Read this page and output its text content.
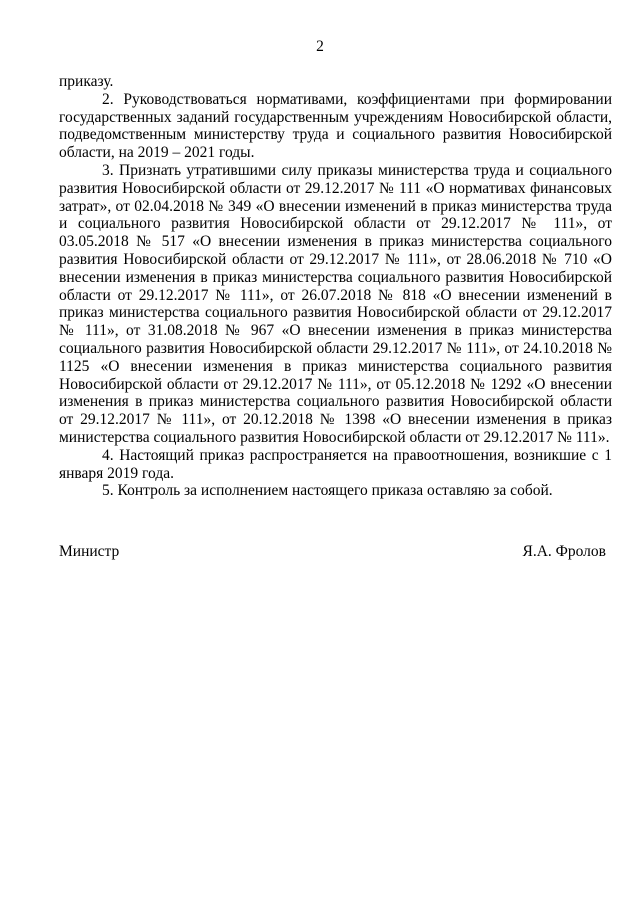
2

приказу.

2. Руководствоваться нормативами, коэффициентами при формировании государственных заданий государственным учреждениям Новосибирской области, подведомственным министерству труда и социального развития Новосибирской области, на 2019 – 2021 годы.

3. Признать утратившими силу приказы министерства труда и социального развития Новосибирской области от 29.12.2017 № 111 «О нормативах финансовых затрат», от 02.04.2018 № 349 «О внесении изменений в приказ министерства труда и социального развития Новосибирской области от 29.12.2017 № 111», от 03.05.2018 № 517 «О внесении изменения в приказ министерства социального развития Новосибирской области от 29.12.2017 № 111», от 28.06.2018 № 710 «О внесении изменения в приказ министерства социального развития Новосибирской области от 29.12.2017 № 111», от 26.07.2018 № 818 «О внесении изменений в приказ министерства социального развития Новосибирской области от 29.12.2017 № 111», от 31.08.2018 № 967 «О внесении изменения в приказ министерства социального развития Новосибирской области 29.12.2017 № 111», от 24.10.2018 № 1125 «О внесении изменения в приказ министерства социального развития Новосибирской области от 29.12.2017 № 111», от 05.12.2018 № 1292 «О внесении изменения в приказ министерства социального развития Новосибирской области от 29.12.2017 № 111», от 20.12.2018 № 1398 «О внесении изменения в приказ министерства социального развития Новосибирской области от 29.12.2017 № 111».

4. Настоящий приказ распространяется на правоотношения, возникшие с 1 января 2019 года.

5. Контроль за исполнением настоящего приказа оставляю за собой.

Министр	Я.А. Фролов
